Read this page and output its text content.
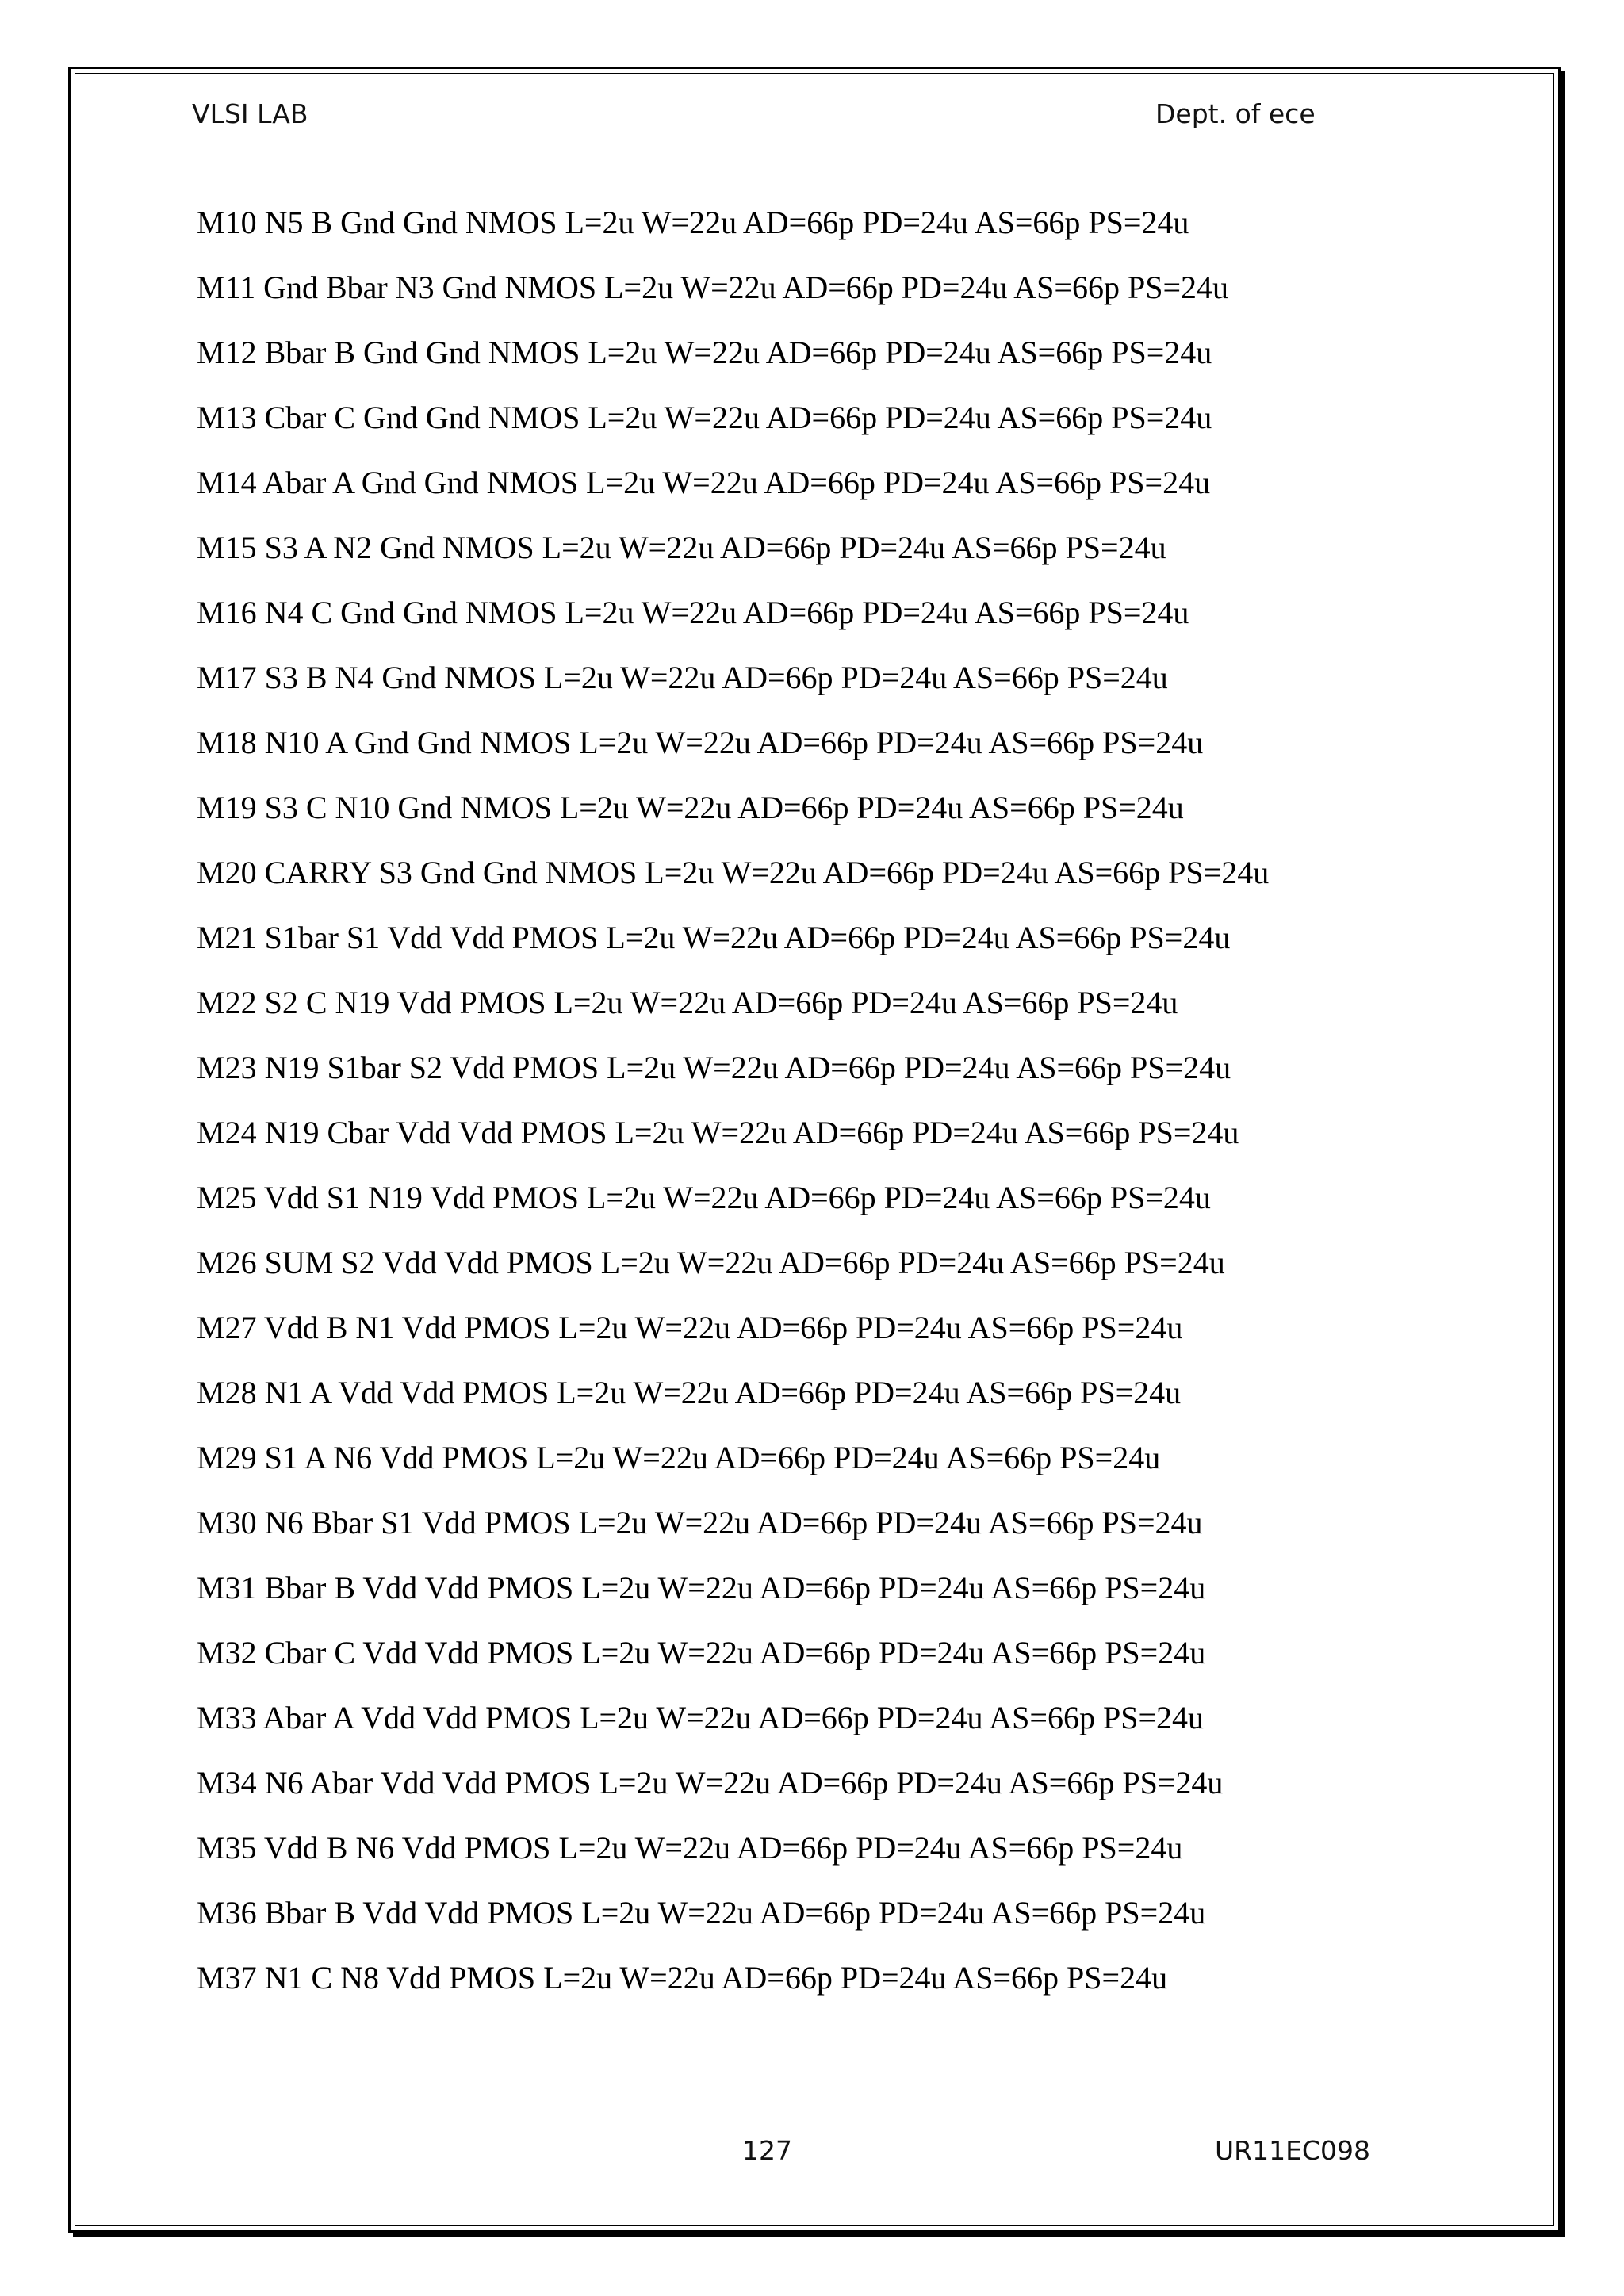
VLSI LAB	Dept. of ece
M10 N5 B Gnd Gnd NMOS L=2u W=22u AD=66p PD=24u AS=66p PS=24u
M11 Gnd Bbar N3 Gnd NMOS L=2u W=22u AD=66p PD=24u AS=66p PS=24u
M12 Bbar B Gnd Gnd NMOS L=2u W=22u AD=66p PD=24u AS=66p PS=24u
M13 Cbar C Gnd Gnd NMOS L=2u W=22u AD=66p PD=24u AS=66p PS=24u
M14 Abar A Gnd Gnd NMOS L=2u W=22u AD=66p PD=24u AS=66p PS=24u
M15 S3 A N2 Gnd NMOS L=2u W=22u AD=66p PD=24u AS=66p PS=24u
M16 N4 C Gnd Gnd NMOS L=2u W=22u AD=66p PD=24u AS=66p PS=24u
M17 S3 B N4 Gnd NMOS L=2u W=22u AD=66p PD=24u AS=66p PS=24u
M18 N10 A Gnd Gnd NMOS L=2u W=22u AD=66p PD=24u AS=66p PS=24u
M19 S3 C N10 Gnd NMOS L=2u W=22u AD=66p PD=24u AS=66p PS=24u
M20 CARRY S3 Gnd Gnd NMOS L=2u W=22u AD=66p PD=24u AS=66p PS=24u
M21 S1bar S1 Vdd Vdd PMOS L=2u W=22u AD=66p PD=24u AS=66p PS=24u
M22 S2 C N19 Vdd PMOS L=2u W=22u AD=66p PD=24u AS=66p PS=24u
M23 N19 S1bar S2 Vdd PMOS L=2u W=22u AD=66p PD=24u AS=66p PS=24u
M24 N19 Cbar Vdd Vdd PMOS L=2u W=22u AD=66p PD=24u AS=66p PS=24u
M25 Vdd S1 N19 Vdd PMOS L=2u W=22u AD=66p PD=24u AS=66p PS=24u
M26 SUM S2 Vdd Vdd PMOS L=2u W=22u AD=66p PD=24u AS=66p PS=24u
M27 Vdd B N1 Vdd PMOS L=2u W=22u AD=66p PD=24u AS=66p PS=24u
M28 N1 A Vdd Vdd PMOS L=2u W=22u AD=66p PD=24u AS=66p PS=24u
M29 S1 A N6 Vdd PMOS L=2u W=22u AD=66p PD=24u AS=66p PS=24u
M30 N6 Bbar S1 Vdd PMOS L=2u W=22u AD=66p PD=24u AS=66p PS=24u
M31 Bbar B Vdd Vdd PMOS L=2u W=22u AD=66p PD=24u AS=66p PS=24u
M32 Cbar C Vdd Vdd PMOS L=2u W=22u AD=66p PD=24u AS=66p PS=24u
M33 Abar A Vdd Vdd PMOS L=2u W=22u AD=66p PD=24u AS=66p PS=24u
M34 N6 Abar Vdd Vdd PMOS L=2u W=22u AD=66p PD=24u AS=66p PS=24u
M35 Vdd B N6 Vdd PMOS L=2u W=22u AD=66p PD=24u AS=66p PS=24u
M36 Bbar B Vdd Vdd PMOS L=2u W=22u AD=66p PD=24u AS=66p PS=24u
M37 N1 C N8 Vdd PMOS L=2u W=22u AD=66p PD=24u AS=66p PS=24u
127	UR11EC098
